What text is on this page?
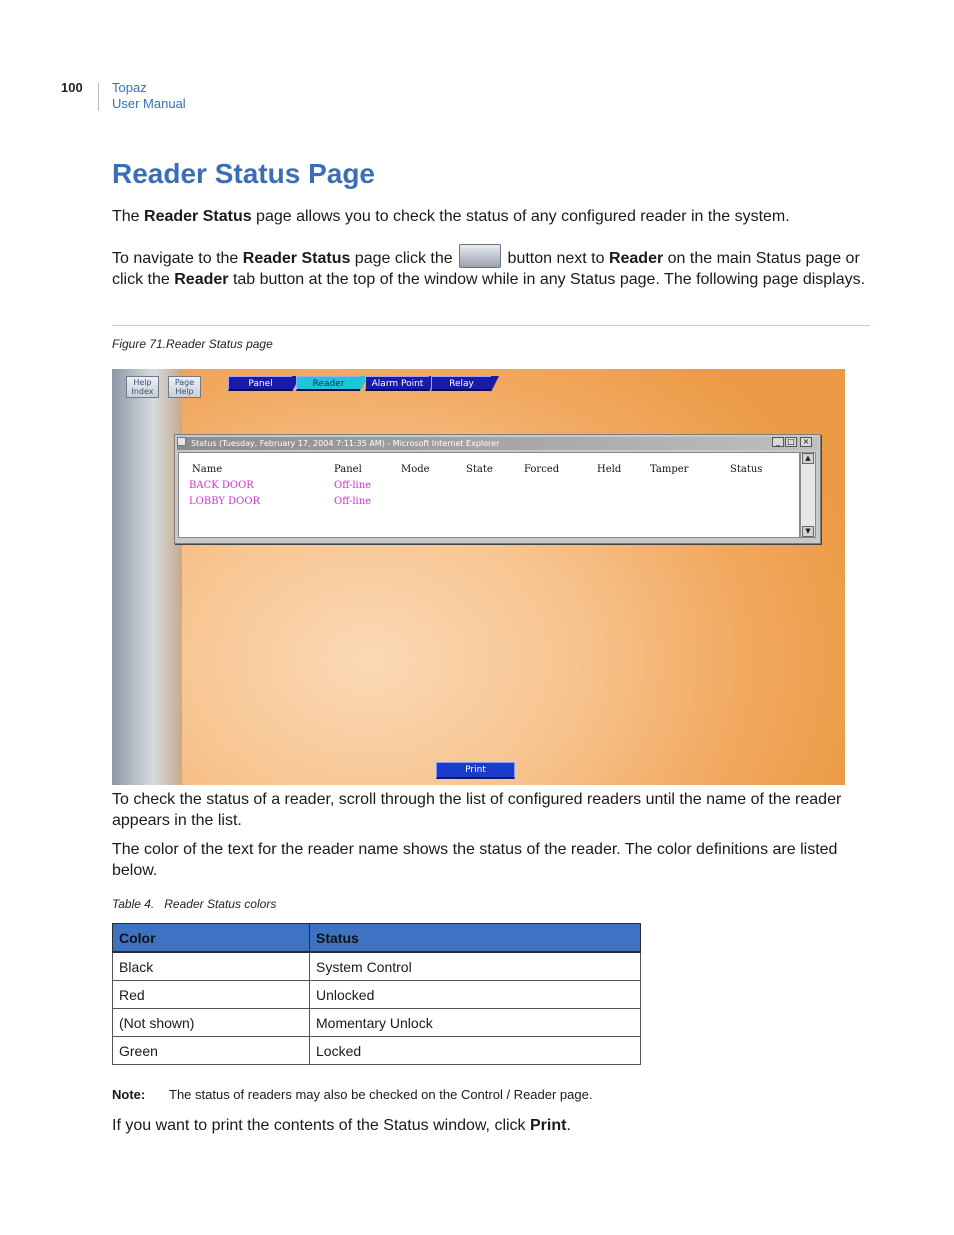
100 Topaz
User Manual
Reader Status Page
The Reader Status page allows you to check the status of any configured reader in the system.
To navigate to the Reader Status page click the	button next to Reader on the main Status page or click the Reader tab button at the top of the window while in any Status page. The following page displays.
Figure 71.Reader Status page
Help
Index
Page
Help
Panel	Reader	Alarm Point	Relay
Status (Tuesday, February 17, 2004 7:11:35 AM) - Microsoft Internet Explorer	_ □ ×
Name	Panel	Mode	State	Forced	Held	Tamper	Status
BACK DOOR	Off-line
LOBBY DOOR	Off-line
▲
▼
Print
To check the status of a reader, scroll through the list of configured readers until the name of the reader appears in the list.
The color of the text for the reader name shows the status of the reader. The color definitions are listed below.
Table 4.   Reader Status colors
Color	Status
Black	System Control
Red	Unlocked
(Not shown)	Momentary Unlock
Green	Locked
Note: The status of readers may also be checked on the Control / Reader page.
If you want to print the contents of the Status window, click Print.
